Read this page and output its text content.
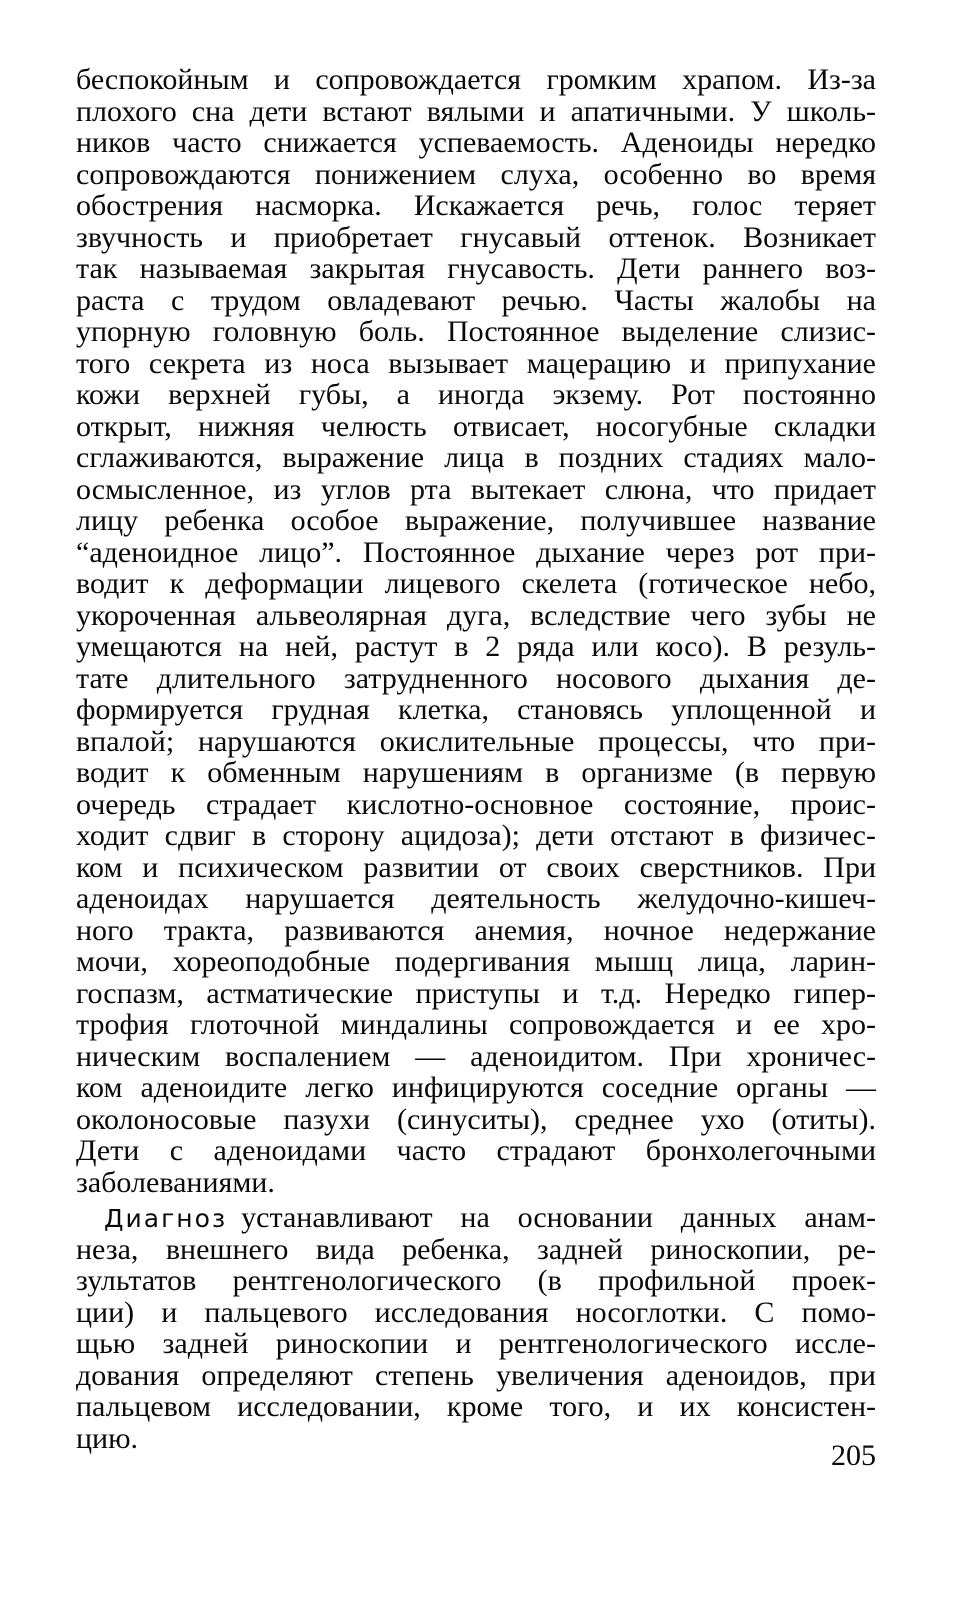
беспокойным и сопровождается громким храпом. Из-за
плохого сна дети встают вялыми и апатичными. У школь-
ников часто снижается успеваемость. Аденоиды нередко
сопровождаются понижением слуха, особенно во время
обострения насморка. Искажается речь, голос теряет
звучность и приобретает гнусавый оттенок. Возникает
так называемая закрытая гнусавость. Дети раннего воз-
раста с трудом овладевают речью. Часты жалобы на
упорную головную боль. Постоянное выделение слизис-
того секрета из носа вызывает мацерацию и припухание
кожи верхней губы, а иногда экзему. Рот постоянно
открыт, нижняя челюсть отвисает, носогубные складки
сглаживаются, выражение лица в поздних стадиях мало-
осмысленное, из углов рта вытекает слюна, что придает
лицу ребенка особое выражение, получившее название
“аденоидное лицо”. Постоянное дыхание через рот при-
водит к деформации лицевого скелета (готическое небо,
укороченная альвеолярная дуга, вследствие чего зубы не
умещаются на ней, растут в 2 ряда или косо). В резуль-
тате длительного затрудненного носового дыхания де-
формируется грудная клетка, становясь уплощенной и
впалой; нарушаются окислительные процессы, что при-
водит к обменным нарушениям в организме (в первую
очередь страдает кислотно-основное состояние, проис-
ходит сдвиг в сторону ацидоза); дети отстают в физичес-
ком и психическом развитии от своих сверстников. При
аденоидах нарушается деятельность желудочно-кишеч-
ного тракта, развиваются анемия, ночное недержание
мочи, хореоподобные подергивания мышц лица, ларин-
госпазм, астматические приступы и т.д. Нередко гипер-
трофия глоточной миндалины сопровождается и ее хро-
ническим воспалением — аденоидитом. При хроничес-
ком аденоидите легко инфицируются соседние органы —
околоносовые пазухи (синуситы), среднее ухо (отиты).
Дети с аденоидами часто страдают бронхолегочными
заболеваниями.
Диагноз устанавливают на основании данных анам-
неза, внешнего вида ребенка, задней риноскопии, ре-
зультатов рентгенологического (в профильной проек-
ции) и пальцевого исследования носоглотки. С помо-
щью задней риноскопии и рентгенологического иссле-
дования определяют степень увеличения аденоидов, при
пальцевом исследовании, кроме того, и их консистен-
цию.
205
